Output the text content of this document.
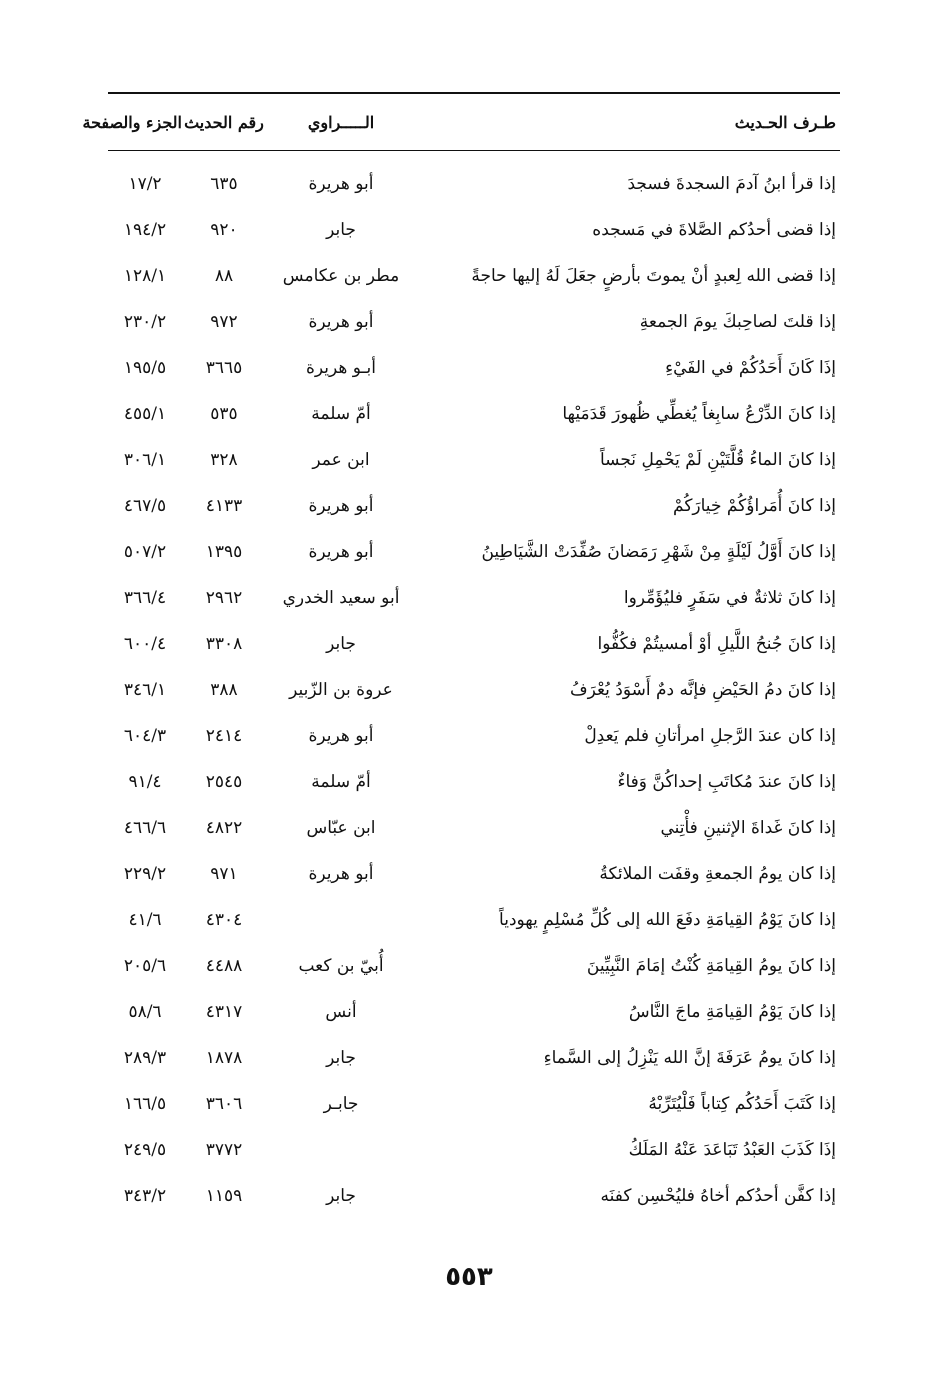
طـرف الحـديث
الـــــراوي
رقم الحديث
الجزء والصفحة
إذا قرأ ابنُ آدمَ السجدةَ فسجدَ
أبو هريرة
٦٣٥
١٧/٢
إذا قضى أحدُكم الصَّلاةَ في مَسجده
جابر
٩٢٠
١٩٤/٢
إذا قضى الله لِعبدٍ أنْ يموتَ بأرضٍ جعَلَ لَهُ إليها حاجةً
مطر بن عكامس
٨٨
١٢٨/١
إذا قلتَ لصاحِبكَ يومَ الجمعةِ
أبو هريرة
٩٧٢
٢٣٠/٢
إذَا كَانَ أَحَدُكُمْ في الفَيْءِ
أبـو هريرة
٣٦٦٥
١٩٥/٥
إذا كانَ الدِّرْعُ سابِغاً يُغطِّي ظُهورَ قَدَمَيْها
أمّ سلمة
٥٣٥
٤٥٥/١
إذا كانَ الماءُ قُلَّتَيْنِ لَمْ يَحْمِلِ نَجساً
ابن عمر
٣٢٨
٣٠٦/١
إذا كانَ أُمَراؤُكُمْ خِيارَكُمْ
أبو هريرة
٤١٣٣
٤٦٧/٥
إذا كانَ أَوَّلُ لَيْلَةٍ مِنْ شَهْرِ رَمَضانَ صُفِّدَتْ الشَّيَاطِينُ
أبو هريرة
١٣٩٥
٥٠٧/٢
إذا كانَ ثلاثةٌ في سَفَرٍ فليُؤَمِّروا
أبو سعيد الخدري
٢٩٦٢
٣٦٦/٤
إذا كانَ جُنحُ اللَّيلِ أوْ أمسيتُمْ فكُفُّوا
جابر
٣٣٠٨
٦٠٠/٤
إذا كانَ دمُ الحَيْضِ فإنَّه دمٌ أَسْوَدُ يُعْرَفُ
عروة بن الزّبير
٣٨٨
٣٤٦/١
إذا كان عندَ الرَّجلِ امرأتانِ فلم يَعدِلْ
أبو هريرة
٢٤١٤
٦٠٤/٣
إذا كانَ عندَ مُكاتَبِ إحداكُنَّ وَفاءٌ
أمّ سلمة
٢٥٤٥
٩١/٤
إذا كانَ غَداةَ الإثنينِ فأْتِني
ابن عبّاس
٤٨٢٢
٤٦٦/٦
إذا كان يومُ الجمعةِ وقفَت الملائكةُ
أبو هريرة
٩٧١
٢٢٩/٢
إذا كانَ يَوْمُ القِيامَةِ دفَعَ الله إلى كُلِّ مُسْلِمٍ يهودياً
٤٣٠٤
٤١/٦
إذا كانَ يومُ القِيامَةِ كُنْتُ إمَامَ النَّبِيِّينَ
أُبيّ بن كعب
٤٤٨٨
٢٠٥/٦
إذا كانَ يَوْمُ القِيامَةِ ماجَ النَّاسُ
أنس
٤٣١٧
٥٨/٦
إذا كانَ يومُ عَرَفَةَ إنَّ الله يَنْزِلُ إلى السَّماءِ
جابر
١٨٧٨
٢٨٩/٣
إذا كَتَبَ أَحَدُكُم كِتاباً فَلْيُتَرِّبْهُ
جابـر
٣٦٠٦
١٦٦/٥
إذَا كَذَبَ العَبْدُ تَبَاعَدَ عَنْهُ المَلَكُ
٣٧٧٢
٢٤٩/٥
إذا كفَّن أحدُكم أخاهُ فليُحْسِن كفنَه
جابر
١١٥٩
٣٤٣/٢
٥٥٣
